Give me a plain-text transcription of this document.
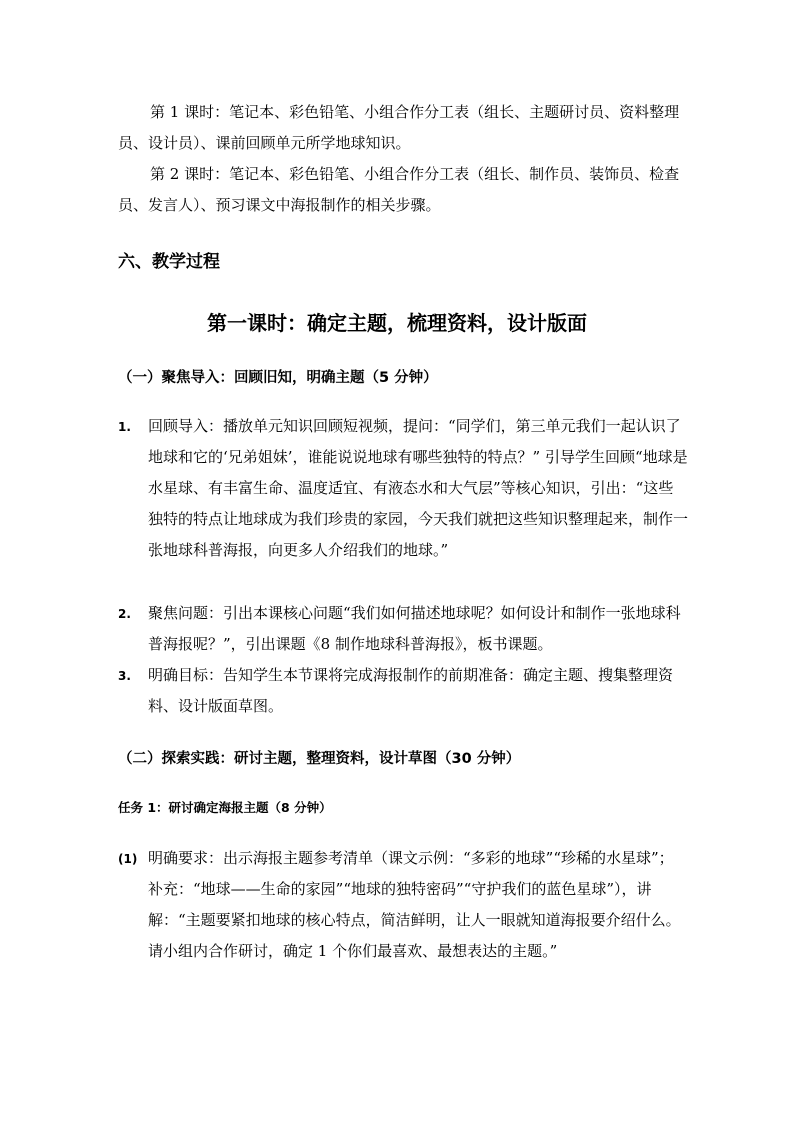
第 1 课时：笔记本、彩色铅笔、小组合作分工表（组长、主题研讨员、资料整理员、设计员）、课前回顾单元所学地球知识。

第 2 课时：笔记本、彩色铅笔、小组合作分工表（组长、制作员、装饰员、检查员、发言人）、预习课文中海报制作的相关步骤。

六、教学过程
第一课时：确定主题，梳理资料，设计版面
（一）聚焦导入：回顾旧知，明确主题（5 分钟）
1. 回顾导入：播放单元知识回顾短视频，提问：“同学们，第三单元我们一起认识了地球和它的‘兄弟姐妹’，谁能说说地球有哪些独特的特点？” 引导学生回顾“地球是水星球、有丰富生命、温度适宜、有液态水和大气层”等核心知识，引出：“这些独特的特点让地球成为我们珍贵的家园，今天我们就把这些知识整理起来，制作一张地球科普海报，向更多人介绍我们的地球。”
2. 聚焦问题：引出本课核心问题“我们如何描述地球呢？如何设计和制作一张地球科普海报呢？”，引出课题《8 制作地球科普海报》，板书课题。
3. 明确目标：告知学生本节课将完成海报制作的前期准备：确定主题、搜集整理资料、设计版面草图。
（二）探索实践：研讨主题，整理资料，设计草图（30 分钟）
任务 1：研讨确定海报主题（8 分钟）
(1) 明确要求：出示海报主题参考清单（课文示例：“多彩的地球”“珍稀的水星球”；补充：“地球——生命的家园”“地球的独特密码”“守护我们的蓝色星球”），讲解：“主题要紧扣地球的核心特点，简洁鲜明，让人一眼就知道海报要介绍什么。请小组内合作研讨，确定 1 个你们最喜欢、最想表达的主题。”
